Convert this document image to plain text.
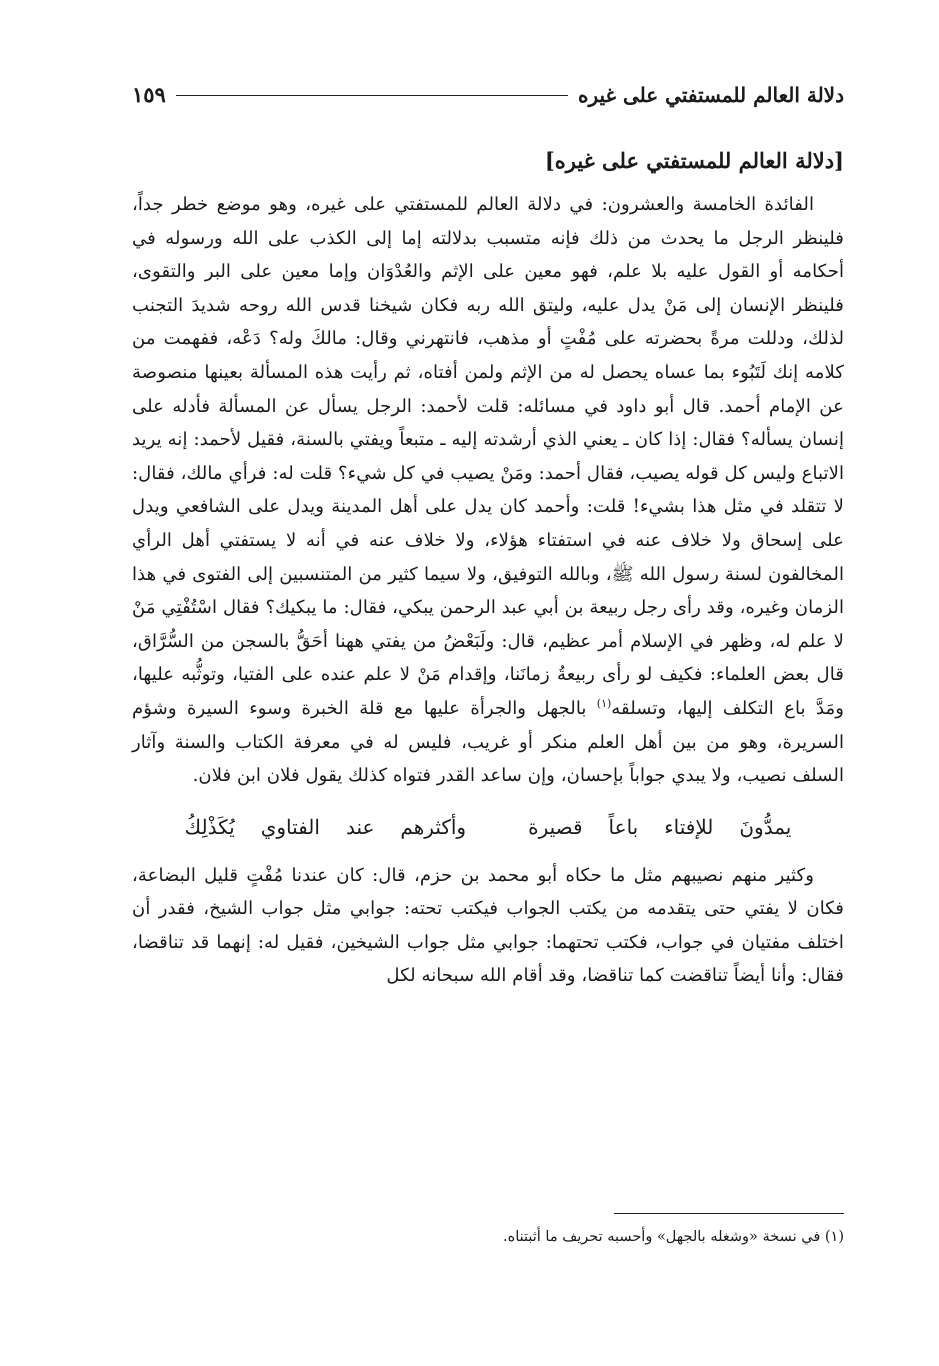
دلالة العالم للمستفتي على غيره
١٥٩
[دلالة العالم للمستفتي على غيره]

الفائدة الخامسة والعشرون: في دلالة العالم للمستفتي على غيره، وهو موضع خطر جداً، فلينظر الرجل ما يحدث من ذلك فإنه متسبب بدلالته إما إلى الكذب على الله ورسوله في أحكامه أو القول عليه بلا علم، فهو معين على الإثم والعُدْوَان وإما معين على البر والتقوى، فلينظر الإنسان إلى مَنْ يدل عليه، وليتق الله ربه فكان شيخنا قدس الله روحه شديدَ التجنب لذلك، ودللت مرةً بحضرته على مُفْتٍ أو مذهب، فانتهرني وقال: مالكَ وله؟ دَعْه، ففهمت من كلامه إنك لَتَبُوء بما عساه يحصل له من الإثم ولمن أفتاه، ثم رأيت هذه المسألة بعينها منصوصة عن الإمام أحمد. قال أبو داود في مسائله: قلت لأحمد: الرجل يسأل عن المسألة فأدله على إنسان يسأله؟ فقال: إذا كان ـ يعني الذي أرشدته إليه ـ متبعاً ويفتي بالسنة، فقيل لأحمد: إنه يريد الاتباع وليس كل قوله يصيب، فقال أحمد: ومَنْ يصيب في كل شيء؟ قلت له: فرأي مالك، فقال: لا تتقلد في مثل هذا بشيء! قلت: وأحمد كان يدل على أهل المدينة ويدل على الشافعي ويدل على إسحاق ولا خلاف عنه في استفتاء هؤلاء، ولا خلاف عنه في أنه لا يستفتي أهل الرأي المخالفون لسنة رسول الله ﷺ، وبالله التوفيق، ولا سيما كثير من المتنسبين إلى الفتوى في هذا الزمان وغيره، وقد رأى رجل ربيعة بن أبي عبد الرحمن يبكي، فقال: ما يبكيك؟ فقال اسْتُفْتِي مَنْ لا علم له، وظهر في الإسلام أمر عظيم، قال: ولَبَعْضُ من يفتي ههنا أحَقُّ بالسجن من السُّرَّاق، قال بعض العلماء: فكيف لو رأى ربيعةُ زمانَنا، وإقدام مَنْ لا علم عنده على الفتيا، وتوثُّبه عليها، ومَدَّ باع التكلف إليها، وتسلقه$^{(١)}$ بالجهل والجرأة عليها مع قلة الخبرة وسوء السيرة وشؤم السريرة، وهو من بين أهل العلم منكر أو غريب، فليس له في معرفة الكتاب والسنة وآثار السلف نصيب، ولا يبدي جواباً بإحسان، وإن ساعد القدر فتواه كذلك يقول فلان ابن فلان.

يمدُّونَ
للإفتاء
باعاً
قصيرة
وأكثرهم
عند
الفتاوي
يُكَذْلِكُ

وكثير منهم نصيبهم مثل ما حكاه أبو محمد بن حزم، قال: كان عندنا مُفْتٍ قليل البضاعة، فكان لا يفتي حتى يتقدمه من يكتب الجواب فيكتب تحته: جوابي مثل جواب الشيخ، فقدر أن اختلف مفتيان في جواب، فكتب تحتهما: جوابي مثل جواب الشيخين، فقيل له: إنهما قد تناقضا، فقال: وأنا أيضاً تناقضت كما تناقضا، وقد أقام الله سبحانه لكل

(١) في نسخة «وشغله بالجهل» وأحسبه تحريف ما أثبتناه.
